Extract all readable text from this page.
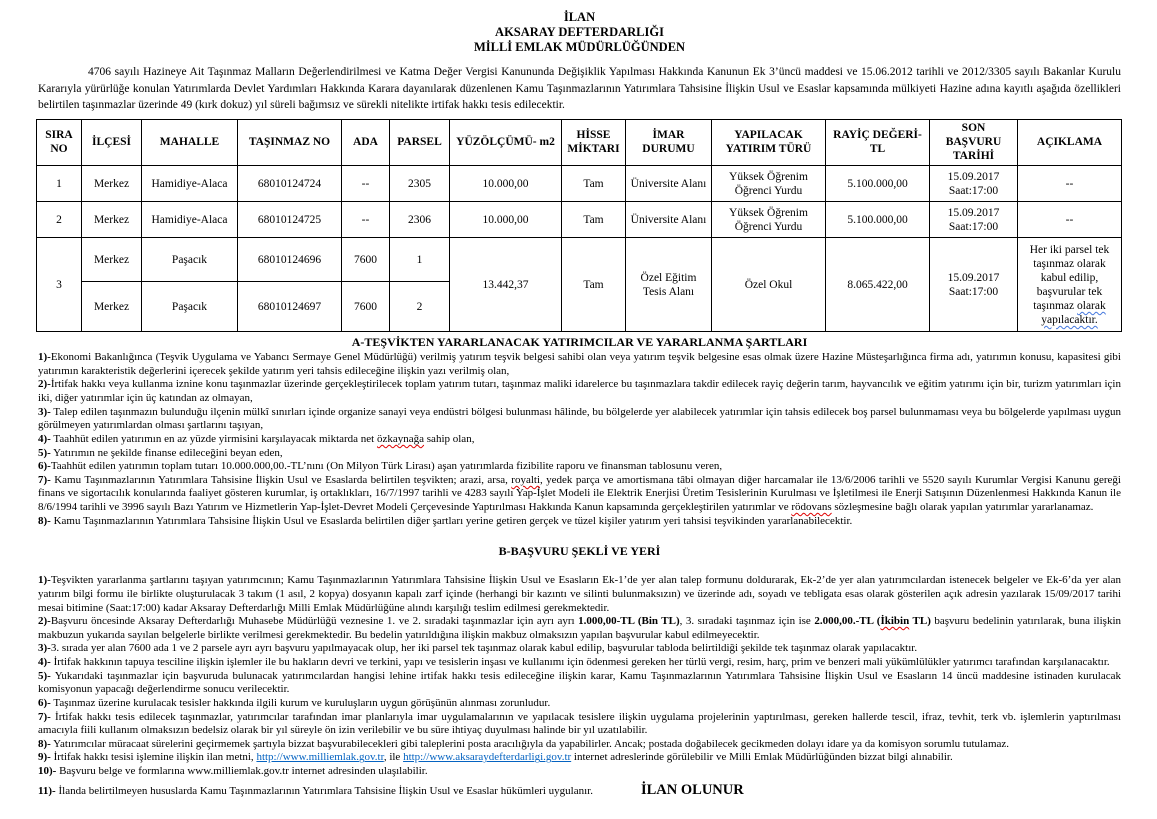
İLAN
AKSARAY DEFTERDARLIĞI
MİLLİ EMLAK MÜDÜRLÜĞÜNDEN

4706 sayılı Hazineye Ait Taşınmaz Malların Değerlendirilmesi ve Katma Değer Vergisi Kanununda Değişiklik Yapılması Hakkında Kanunun Ek 3’üncü maddesi ve 15.06.2012 tarihli ve 2012/3305 sayılı Bakanlar Kurulu Kararıyla yürürlüğe konulan Yatırımlarda Devlet Yardımları Hakkında Karara dayanılarak düzenlenen Kamu Taşınmazlarının Yatırımlara Tahsisine İlişkin Usul ve Esaslar kapsamında mülkiyeti Hazine adına kayıtlı aşağıda özellikleri belirtilen taşınmazlar üzerinde 49 (kırk dokuz) yıl süreli bağımsız ve sürekli nitelikte irtifak hakkı tesis edilecektir.

SIRA NO	İLÇESİ	MAHALLE	TAŞINMAZ NO	ADA	PARSEL	YÜZÖLÇÜMÜ- m2	HİSSE MİKTARI	İMAR DURUMU	YAPILACAK YATIRIM TÜRÜ	RAYİÇ DEĞERİ- TL	SON BAŞVURU TARİHİ	AÇIKLAMA
1	Merkez	Hamidiye-Alaca	68010124724	--	2305	10.000,00	Tam	Üniversite Alanı	Yüksek Öğrenim Öğrenci Yurdu	5.100.000,00	15.09.2017
Saat:17:00	--
2	Merkez	Hamidiye-Alaca	68010124725	--	2306	10.000,00	Tam	Üniversite Alanı	Yüksek Öğrenim Öğrenci Yurdu	5.100.000,00	15.09.2017
Saat:17:00	--
3	Merkez	Paşacık	68010124696	7600	1	13.442,37	Tam	Özel Eğitim Tesis Alanı	Özel Okul	8.065.422,00	15.09.2017
Saat:17:00	Her iki parsel tek taşınmaz olarak kabul edilip, başvurular tek taşınmaz olarak yapılacaktır.
	Merkez	Paşacık	68010124697	7600	2							
A-TEŞVİKTEN YARARLANACAK YATIRIMCILAR VE YARARLANMA ŞARTLARI

1)-Ekonomi Bakanlığınca (Teşvik Uygulama ve Yabancı Sermaye Genel Müdürlüğü) verilmiş yatırım teşvik belgesi sahibi olan veya yatırım teşvik belgesine esas olmak üzere Hazine Müsteşarlığınca firma adı, yatırımın konusu, kapasitesi gibi yatırımın karakteristik değerlerini içerecek şekilde yatırım yeri tahsis edileceğine ilişkin yazı verilmiş olan,

2)-İrtifak hakkı veya kullanma iznine konu taşınmazlar üzerinde gerçekleştirilecek toplam yatırım tutarı, taşınmaz maliki idarelerce bu taşınmazlara takdir edilecek rayiç değerin tarım, hayvancılık ve eğitim yatırımı için bir, turizm yatırımları için iki, diğer yatırımlar için üç katından az olmayan,

3)- Talep edilen taşınmazın bulunduğu ilçenin mülkî sınırları içinde organize sanayi veya endüstri bölgesi bulunması hâlinde, bu bölgelerde yer alabilecek yatırımlar için tahsis edilecek boş parsel bulunmaması veya bu bölgelerde yapılması uygun görülmeyen yatırımlardan olması şartlarını taşıyan,

4)- Taahhüt edilen yatırımın en az yüzde yirmisini karşılayacak miktarda net özkaynağa sahip olan,

5)- Yatırımın ne şekilde finanse edileceğini beyan eden,

6)-Taahhüt edilen yatırımın toplam tutarı 10.000.000,00.-TL’nını (On Milyon Türk Lirası) aşan yatırımlarda fizibilite raporu ve finansman tablosunu veren,

7)- Kamu Taşınmazlarının Yatırımlara Tahsisine İlişkin Usul ve Esaslarda belirtilen teşvikten; arazi, arsa, royalti, yedek parça ve amortismana tâbi olmayan diğer harcamalar ile 13/6/2006 tarihli ve 5520 sayılı Kurumlar Vergisi Kanunu gereği finans ve sigortacılık konularında faaliyet gösteren kurumlar, iş ortaklıkları, 16/7/1997 tarihli ve 4283 sayılı Yap-İşlet Modeli ile Elektrik Enerjisi Üretim Tesislerinin Kurulması ve İşletilmesi ile Enerji Satışının Düzenlenmesi Hakkında Kanun ile 8/6/1994 tarihli ve 3996 sayılı Bazı Yatırım ve Hizmetlerin Yap-İşlet-Devret Modeli Çerçevesinde Yaptırılması Hakkında Kanun kapsamında gerçekleştirilen yatırımlar ve rödovans sözleşmesine bağlı olarak yapılan yatırımlar yararlanamaz.

8)- Kamu Taşınmazlarının Yatırımlara Tahsisine İlişkin Usul ve Esaslarda belirtilen diğer şartları yerine getiren gerçek ve tüzel kişiler yatırım yeri tahsisi teşvikinden yararlanabilecektir.

B-BAŞVURU ŞEKLİ VE YERİ

1)-Teşvikten yararlanma şartlarını taşıyan yatırımcının; Kamu Taşınmazlarının Yatırımlara Tahsisine İlişkin Usul ve Esasların Ek-1’de yer alan talep formunu doldurarak, Ek-2’de yer alan yatırımcılardan istenecek belgeler ve Ek-6’da yer alan yatırım bilgi formu ile birlikte oluşturulacak 3 takım (1 asıl, 2 kopya) dosyanın kapalı zarf içinde (herhangi bir kazıntı ve silinti bulunmaksızın) ve üzerinde adı, soyadı ve tebligata esas olarak gösterilen açık adresin yazılarak 15/09/2017 tarihi mesai bitimine (Saat:17:00) kadar Aksaray Defterdarlığı Milli Emlak Müdürlüğüne alındı karşılığı teslim edilmesi gerekmektedir.

2)-Başvuru öncesinde Aksaray Defterdarlığı Muhasebe Müdürlüğü veznesine 1. ve 2. sıradaki taşınmazlar için ayrı ayrı 1.000,00-TL (Bin TL), 3. sıradaki taşınmaz için ise 2.000,00.-TL (İkibin TL) başvuru bedelinin yatırılarak, buna ilişkin makbuzun yukarıda sayılan belgelerle birlikte verilmesi gerekmektedir. Bu bedelin yatırıldığına ilişkin makbuz olmaksızın yapılan başvurular kabul edilmeyecektir.

3)-3. sırada yer alan 7600 ada 1 ve 2 parsele ayrı ayrı başvuru yapılmayacak olup, her iki parsel tek taşınmaz olarak kabul edilip, başvurular tabloda belirtildiği şekilde tek taşınmaz olarak yapılacaktır.

4)- İrtifak hakkının tapuya tesciline ilişkin işlemler ile bu hakların devri ve terkini, yapı ve tesislerin inşası ve kullanımı için ödenmesi gereken her türlü vergi, resim, harç, prim ve benzeri mali yükümlülükler yatırımcı tarafından karşılanacaktır.

5)- Yukarıdaki taşınmazlar için başvuruda bulunacak yatırımcılardan hangisi lehine irtifak hakkı tesis edileceğine ilişkin karar, Kamu Taşınmazlarının Yatırımlara Tahsisine İlişkin Usul ve Esasların 14 üncü maddesine istinaden kurulacak komisyonun yapacağı değerlendirme sonucu verilecektir.

6)- Taşınmaz üzerine kurulacak tesisler hakkında ilgili kurum ve kuruluşların uygun görüşünün alınması zorunludur.

7)- İrtifak hakkı tesis edilecek taşınmazlar, yatırımcılar tarafından imar planlarıyla imar uygulamalarının ve yapılacak tesislere ilişkin uygulama projelerinin yaptırılması, gereken hallerde tescil, ifraz, tevhit, terk vb. işlemlerin yaptırılması amacıyla fiili kullanım olmaksızın bedelsiz olarak bir yıl süreyle ön izin verilebilir ve bu süre ihtiyaç duyulması halinde bir yıl uzatılabilir.

8)- Yatırımcılar müracaat sürelerini geçirmemek şartıyla bizzat başvurabilecekleri gibi taleplerini posta aracılığıyla da yapabilirler. Ancak; postada doğabilecek gecikmeden dolayı idare ya da komisyon sorumlu tutulamaz.

9)- İrtifak hakkı tesisi işlemine ilişkin ilan metni, http://www.milliemlak.gov.tr, ile http://www.aksaraydefterdarligi.gov.tr internet adreslerinde görülebilir ve Milli Emlak Müdürlüğünden bizzat bilgi alınabilir.

10)- Başvuru belge ve formlarına www.milliemlak.gov.tr internet adresinden ulaşılabilir.

11)- İlanda belirtilmeyen hususlarda Kamu Taşınmazlarının Yatırımlara Tahsisine İlişkin Usul ve Esaslar hükümleri uygulanır.	İLAN OLUNUR
